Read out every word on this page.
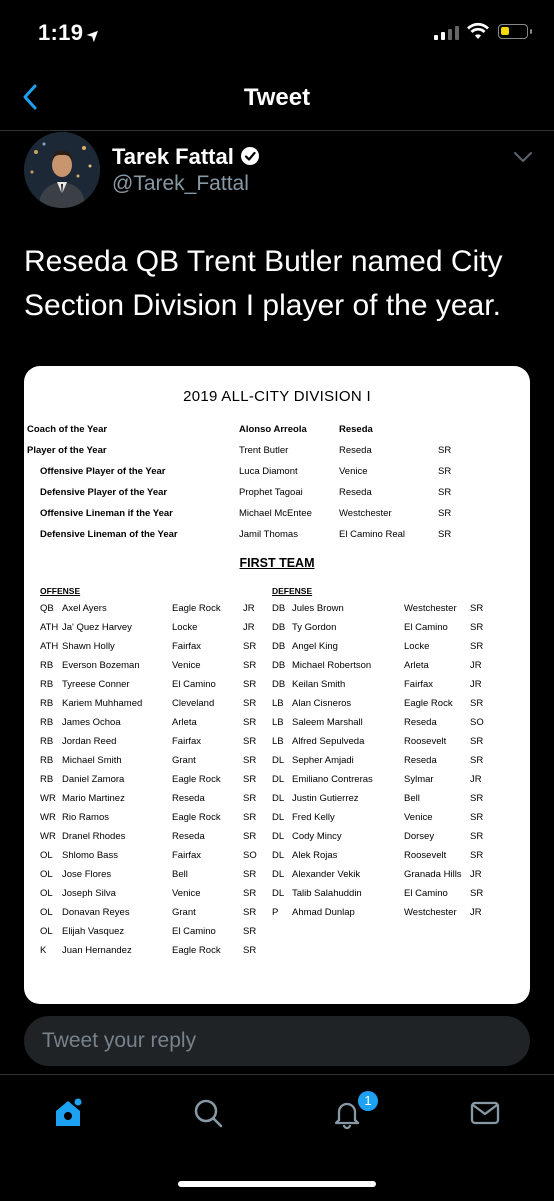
1:19➤
Tweet
Tarek Fattal
@Tarek_Fattal
Reseda QB Trent Butler named City Section Division I player of the year.
2019 ALL-CITY DIVISION I
Coach of the Year	Alonso Arreola	Reseda
Player of the Year	Trent Butler	Reseda	SR
Offensive Player of the Year	Luca Diamont	Venice	SR
Defensive Player of the Year	Prophet Tagoai	Reseda	SR
Offensive Lineman if the Year	Michael McEntee	Westchester	SR
Defensive Lineman of the Year	Jamil Thomas	El Camino Real	SR
FIRST TEAM
OFFENSE	DEFENSE
QB Axel Ayers	Eagle Rock JR
ATH Ja' Quez Harvey	Locke	JR
ATH Shawn Holly	Fairfax	SR
RB Everson Bozeman	Venice	SR
RB Tyreese Conner	El Camino	SR
RB Kariem Muhhamed	Cleveland	SR
RB James Ochoa	Arleta	SR
RB Jordan Reed	Fairfax	SR
RB Michael Smith	Grant	SR
RB Daniel Zamora	Eagle Rock SR
WR Mario Martinez	Reseda	SR
WR Rio Ramos	Eagle Rock SR
WR Dranel Rhodes	Reseda	SR
OL Shlomo Bass	Fairfax	SO
OL Jose Flores	Bell	SR
OL Joseph Silva	Venice	SR
OL Donavan Reyes	Grant	SR
OL Elijah Vasquez	El Camino	SR
K Juan Hernandez	Eagle Rock SR
DB Jules Brown	Westchester SR
DB Ty Gordon	El Camino SR
DB Angel King	Locke	SR
DB Michael Robertson	Arleta	JR
DB Keilan Smith	Fairfax	JR
LB Alan Cisneros	Eagle Rock SR
LB Saleem Marshall	Reseda	SO
LB Alfred Sepulveda	Roosevelt	SR
DL Sepher Amjadi	Reseda	SR
DL Emiliano Contreras	Sylmar	JR
DL Justin Gutierrez	Bell	SR
DL Fred Kelly	Venice	SR
DL Cody Mincy	Dorsey	SR
DL Alek Rojas	Roosevelt	SR
DL Alexander Vekik	Granada Hills JR
DL Talib Salahuddin	El Camino SR
P Ahmad Dunlap	Westchester JR
Tweet your reply
1
